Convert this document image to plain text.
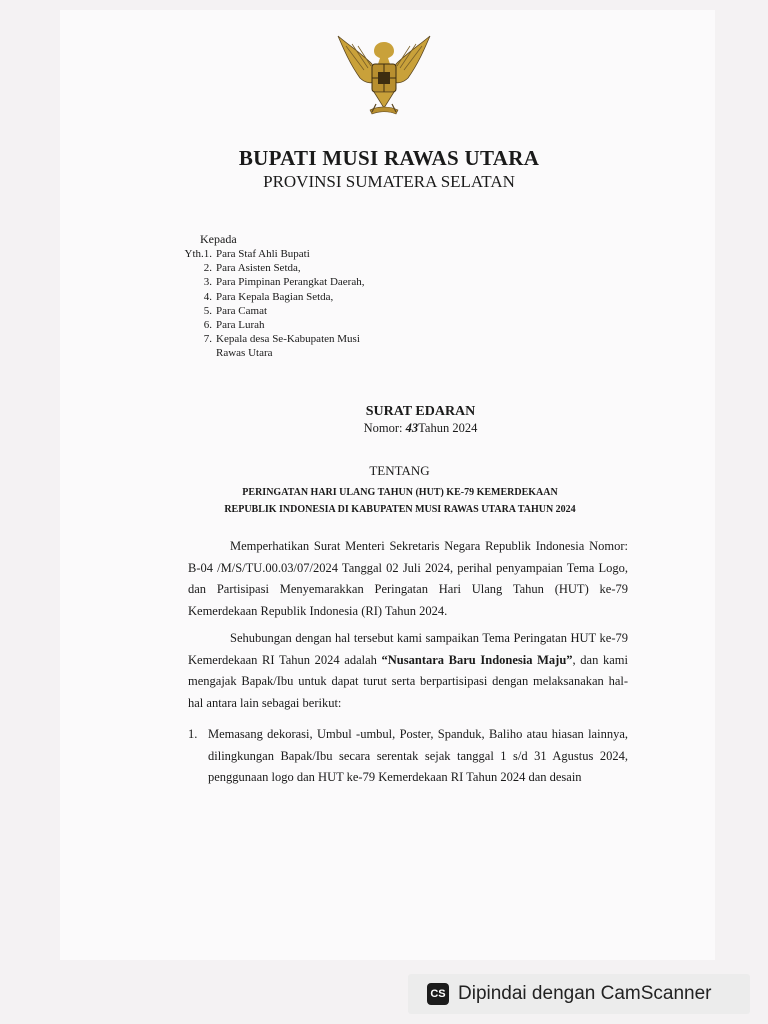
BUPATI MUSI RAWAS UTARA
PROVINSI SUMATERA SELATAN
Kepada
Yth.1. Para Staf Ahli Bupati
2. Para Asisten Setda,
3. Para Pimpinan Perangkat Daerah,
4. Para Kepala Bagian Setda,
5. Para Camat
6. Para Lurah
7. Kepala desa Se-Kabupaten Musi Rawas Utara
SURAT EDARAN
Nomor: 43Tahun 2024
TENTANG
PERINGATAN HARI ULANG TAHUN (HUT) KE-79 KEMERDEKAAN
REPUBLIK INDONESIA DI KABUPATEN MUSI RAWAS UTARA TAHUN 2024
Memperhatikan Surat Menteri Sekretaris Negara Republik Indonesia Nomor: B-04 /M/S/TU.00.03/07/2024 Tanggal 02 Juli 2024, perihal penyampaian Tema Logo, dan Partisipasi Menyemarakkan Peringatan Hari Ulang Tahun (HUT) ke-79 Kemerdekaan Republik Indonesia (RI) Tahun 2024.
Sehubungan dengan hal tersebut kami sampaikan Tema Peringatan HUT ke-79 Kemerdekaan RI Tahun 2024 adalah “Nusantara Baru Indonesia Maju”, dan kami mengajak Bapak/Ibu untuk dapat turut serta berpartisipasi dengan melaksanakan hal-hal antara lain sebagai berikut:
1. Memasang dekorasi, Umbul -umbul, Poster, Spanduk, Baliho atau hiasan lainnya, dilingkungan Bapak/Ibu secara serentak sejak tanggal 1 s/d 31 Agustus 2024, penggunaan logo dan HUT ke-79 Kemerdekaan RI Tahun 2024 dan desain
CS Dipindai dengan CamScanner
